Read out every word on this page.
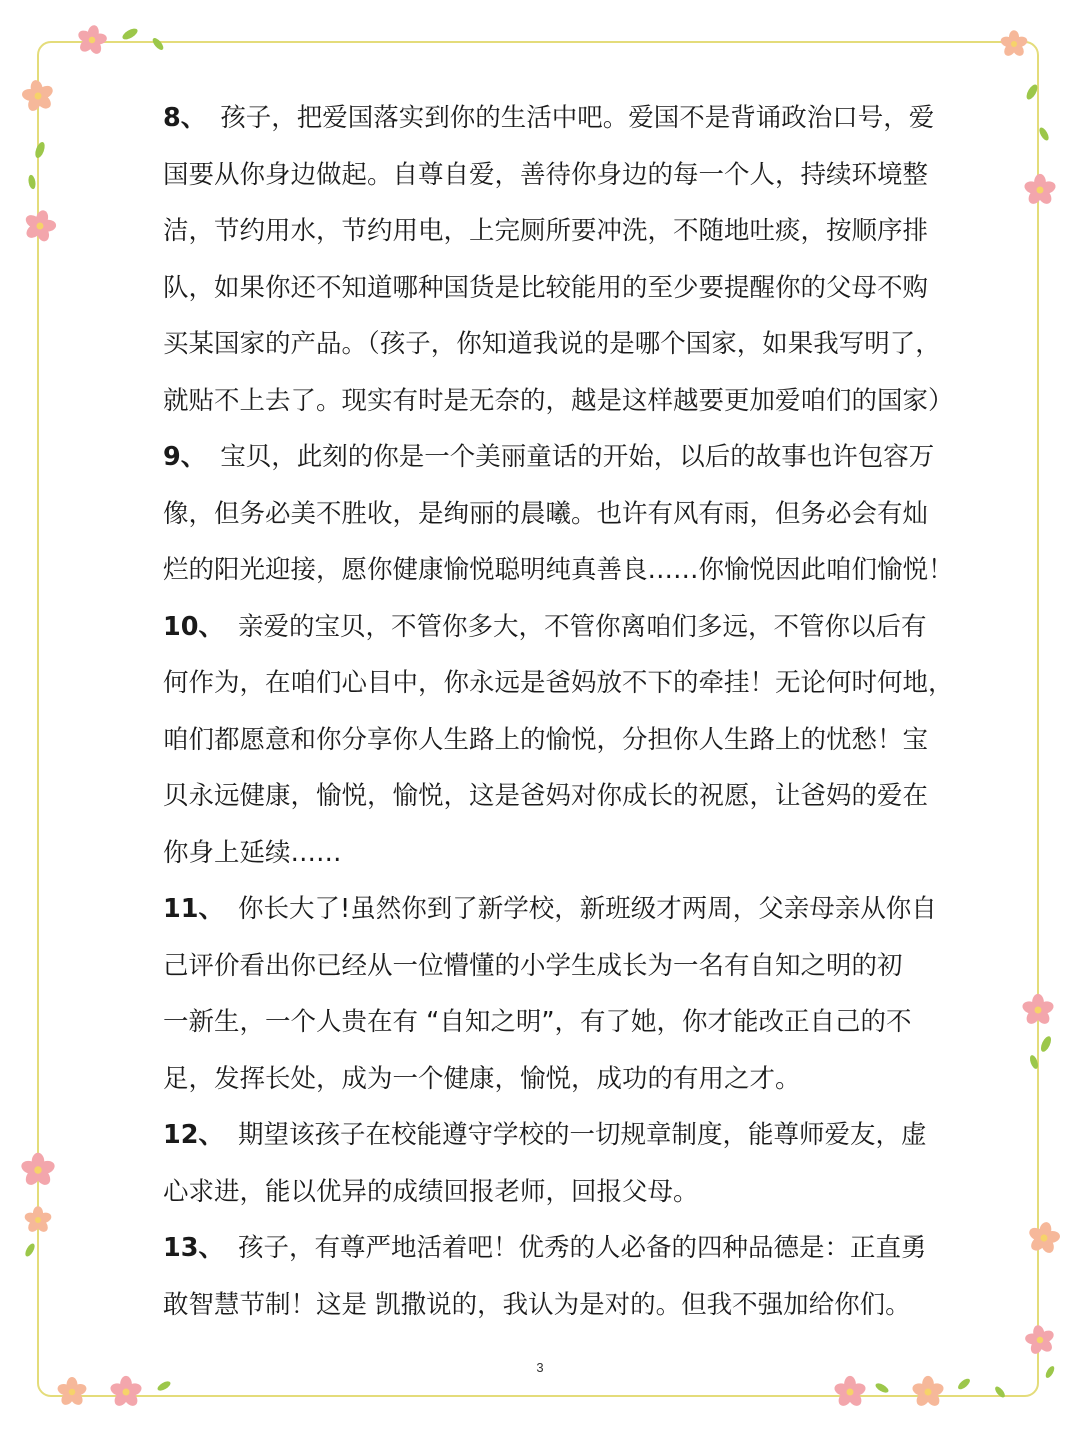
8、 孩子，把爱国落实到你的生活中吧。爱国不是背诵政治口号，爱
国要从你身边做起。自尊自爱，善待你身边的每一个人，持续环境整
洁，节约用水，节约用电，上完厕所要冲洗，不随地吐痰，按顺序排
队，如果你还不知道哪种国货是比较能用的至少要提醒你的父母不购
买某国家的产品。（孩子，你知道我说的是哪个国家，如果我写明了，
就贴不上去了。现实有时是无奈的，越是这样越要更加爱咱们的国家）
9、 宝贝，此刻的你是一个美丽童话的开始，以后的故事也许包容万
像，但务必美不胜收，是绚丽的晨曦。也许有风有雨，但务必会有灿
烂的阳光迎接，愿你健康愉悦聪明纯真善良……你愉悦因此咱们愉悦！
10、 亲爱的宝贝，不管你多大，不管你离咱们多远，不管你以后有
何作为，在咱们心目中，你永远是爸妈放不下的牵挂！无论何时何地，
咱们都愿意和你分享你人生路上的愉悦，分担你人生路上的忧愁！宝
贝永远健康，愉悦，愉悦，这是爸妈对你成长的祝愿，让爸妈的爱在
你身上延续……
11、 你长大了!虽然你到了新学校，新班级才两周，父亲母亲从你自
己评价看出你已经从一位懵懂的小学生成长为一名有自知之明的初
一新生，一个人贵在有 “自知之明”，有了她，你才能改正自己的不
足，发挥长处，成为一个健康，愉悦，成功的有用之才。
12、 期望该孩子在校能遵守学校的一切规章制度，能尊师爱友，虚
心求进，能以优异的成绩回报老师，回报父母。
13、 孩子，有尊严地活着吧！优秀的人必备的四种品德是：正直勇
敢智慧节制！这是 凯撒说的，我认为是对的。但我不强加给你们。
3
